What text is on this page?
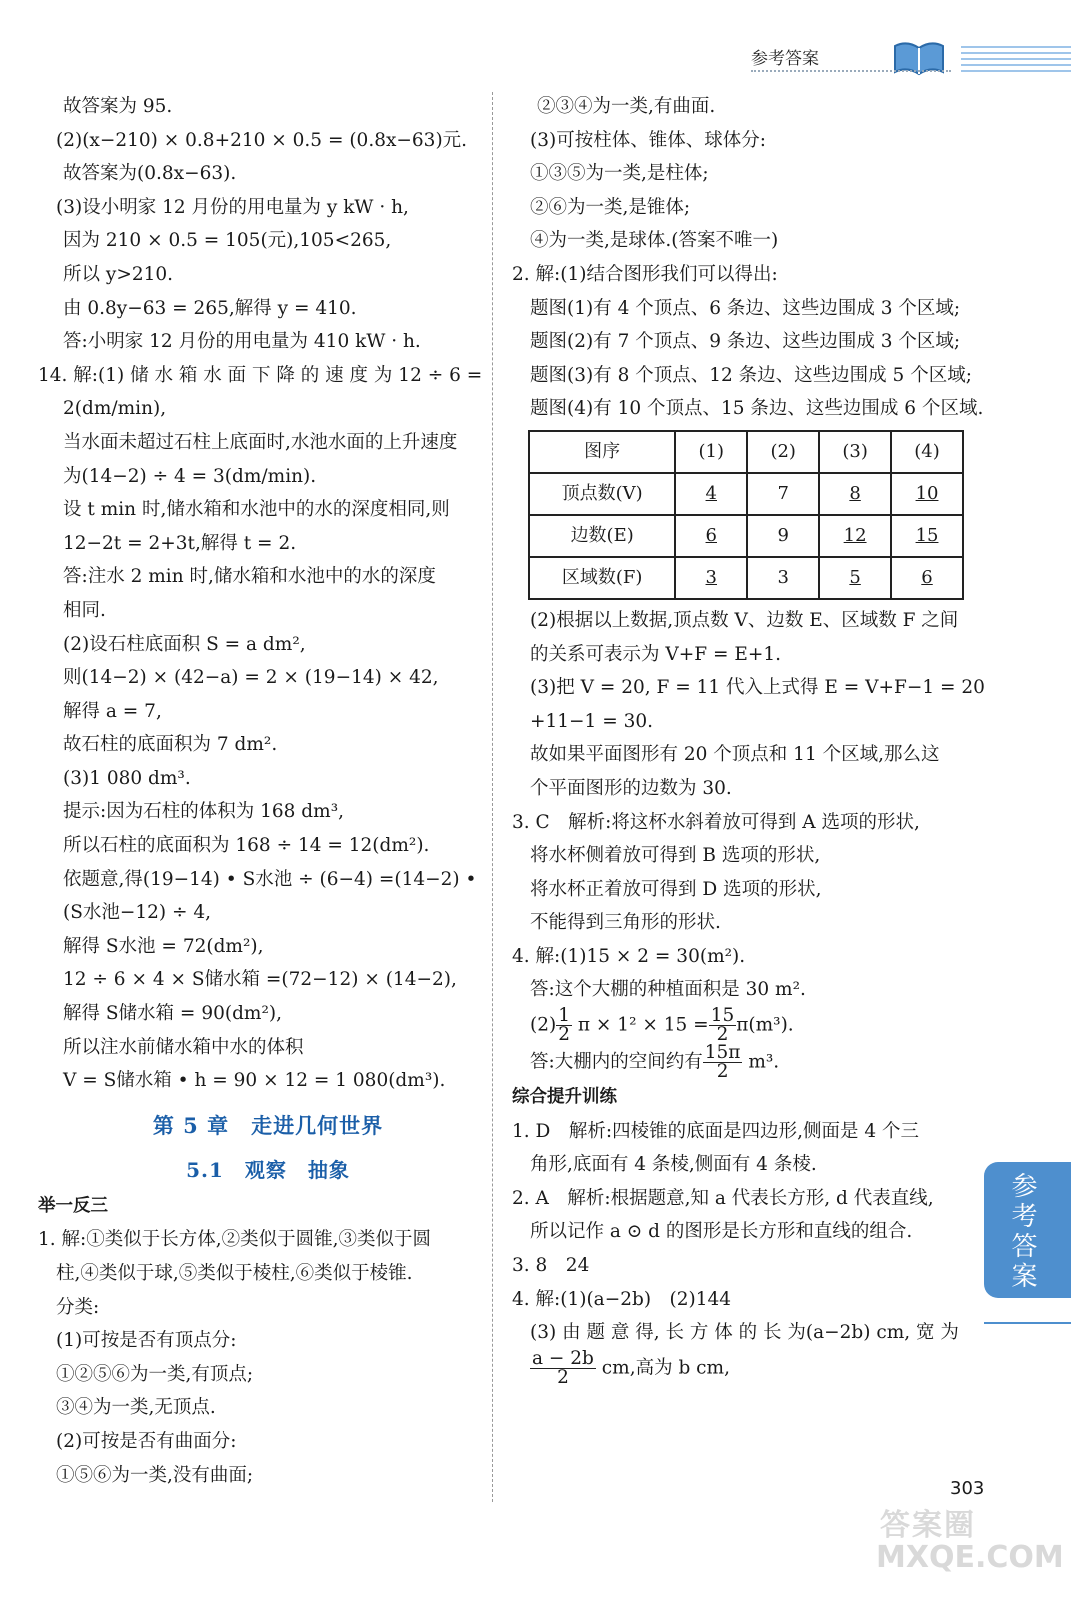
参考答案
故答案为 95.
(2)(x−210) × 0.8+210 × 0.5 = (0.8x−63)元.
故答案为(0.8x−63).
(3)设小明家 12 月份的用电量为 y kW · h,
因为 210 × 0.5 = 105(元),105<265,
所以 y>210.
由 0.8y−63 = 265,解得 y = 410.
答:小明家 12 月份的用电量为 410 kW · h.
14. 解:(1) 储 水 箱 水 面 下 降 的 速 度 为 12 ÷ 6 =
2(dm/min),
当水面未超过石柱上底面时,水池水面的上升速度
为(14−2) ÷ 4 = 3(dm/min).
设 t min 时,储水箱和水池中的水的深度相同,则
12−2t = 2+3t,解得 t = 2.
答:注水 2 min 时,储水箱和水池中的水的深度
相同.
(2)设石柱底面积 S = a dm²,
则(14−2) × (42−a) = 2 × (19−14) × 42,
解得 a = 7,
故石柱的底面积为 7 dm².
(3)1 080 dm³.
提示:因为石柱的体积为 168 dm³,
所以石柱的底面积为 168 ÷ 14 = 12(dm²).
依题意,得(19−14) • S水池 ÷ (6−4) =(14−2) •
(S水池−12) ÷ 4,
解得 S水池 = 72(dm²),
12 ÷ 6 × 4 × S储水箱 =(72−12) × (14−2),
解得 S储水箱 = 90(dm²),
所以注水前储水箱中水的体积
V = S储水箱 • h = 90 × 12 = 1 080(dm³).
第 5 章　走进几何世界
5.1　观察　抽象
举一反三
1. 解:①类似于长方体,②类似于圆锥,③类似于圆
柱,④类似于球,⑤类似于棱柱,⑥类似于棱锥.
分类:
(1)可按是否有顶点分:
①②⑤⑥为一类,有顶点;
③④为一类,无顶点.
(2)可按是否有曲面分:
①⑤⑥为一类,没有曲面;
②③④为一类,有曲面.
(3)可按柱体、锥体、球体分:
①③⑤为一类,是柱体;
②⑥为一类,是锥体;
④为一类,是球体.(答案不唯一)
2. 解:(1)结合图形我们可以得出:
题图(1)有 4 个顶点、6 条边、这些边围成 3 个区域;
题图(2)有 7 个顶点、9 条边、这些边围成 3 个区域;
题图(3)有 8 个顶点、12 条边、这些边围成 5 个区域;
题图(4)有 10 个顶点、15 条边、这些边围成 6 个区域.
图序	(1)	(2)	(3)	(4)
顶点数(V)	4	7	8	10
边数(E)	6	9	12	15
区域数(F)	3	3	5	6
(2)根据以上数据,顶点数 V、边数 E、区域数 F 之间
的关系可表示为 V+F = E+1.
(3)把 V = 20, F = 11 代入上式得 E = V+F−1 = 20
+11−1 = 30.
故如果平面图形有 20 个顶点和 11 个区域,那么这
个平面图形的边数为 30.
3. C　解析:将这杯水斜着放可得到 A 选项的形状,
将水杯侧着放可得到 B 选项的形状,
将水杯正着放可得到 D 选项的形状,
不能得到三角形的形状.
4. 解:(1)15 × 2 = 30(m²).
答:这个大棚的种植面积是 30 m².
$(2) \frac{1}{2}$ $\pi \times 1^2 \times 15 = \frac{15}{2} \pi(m^3)$.
答:大棚内的空间约有 $\frac{15\pi}{2} m^3$.
综合提升训练
1. D　解析:四棱锥的底面是四边形,侧面是 4 个三
角形,底面有 4 条棱,侧面有 4 条棱.
2. A　解析:根据题意,知 a 代表长方形, d 代表直线,
所以记作 a ⊙ d 的图形是长方形和直线的组合.
3. 8　24
4. 解:(1)(a−2b)　(2)144
(3) 由 题 意 得, 长 方 体 的 长 为(a−2b) cm, 宽 为
$\frac{a - 2b}{2}$ cm,高为 b cm,
参考答案
303
答案圈
MXQE.COM
